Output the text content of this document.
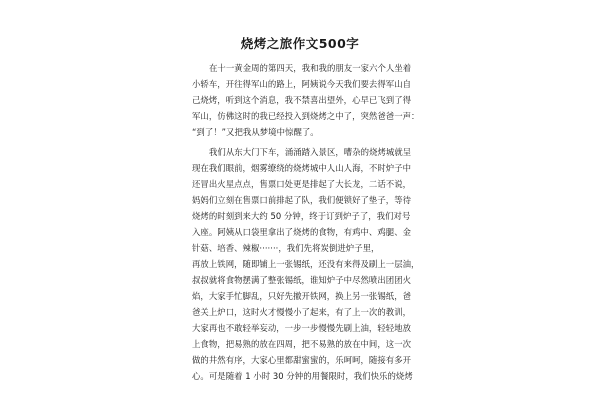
烧烤之旅作文500字
在十一黄金周的第四天，我和我的朋友一家六个人坐着
小轿车，开往得军山的路上，阿姨说今天我们要去得军山自
己烧烤，听到这个消息，我不禁喜出望外，心早已飞到了得
军山，仿佛这时的我已经投入到烧烤之中了，突然爸爸一声：
“到了！”又把我从梦境中惊醒了。
我们从东大门下车，涌涌踏入景区，嘈杂的烧烤城就呈
现在我们眼前，烟雾缭绕的烧烤城中人山人海，不时炉子中
还冒出火星点点，售票口处更是排起了大长龙，二话不说，
妈妈们立刻在售票口前排起了队，我们便锁好了垫子，等待
烧烤的时刻到来大约 50 分钟，终于订到炉子了，我们对号
入座。阿姨从口袋里拿出了烧烤的食物，有鸡中、鸡腿、金
针菇、培香、辣椒·······，我们先将炭倒进炉子里，
再放上铁网，随即铺上一张锡纸，还没有来得及刷上一层油，
叔叔就将食物摆满了整张锡纸，谁知炉子中尽然喷出团团火
焰，大家手忙脚乱，只好先撤开铁网，换上另一张锡纸，爸
爸关上炉口，这时火才慢慢小了起来，有了上一次的教训，
大家再也不敢轻举妄动，一步一步慢慢先刷上油，轻轻地放
上食物，把易熟的放在四周，把不易熟的放在中间，这一次
做的井然有序，大家心里都甜蜜蜜的，乐呵呵，随接有多开
心。可是随着 1 小时 30 分钟的用餐限时，我们快乐的烧烤
